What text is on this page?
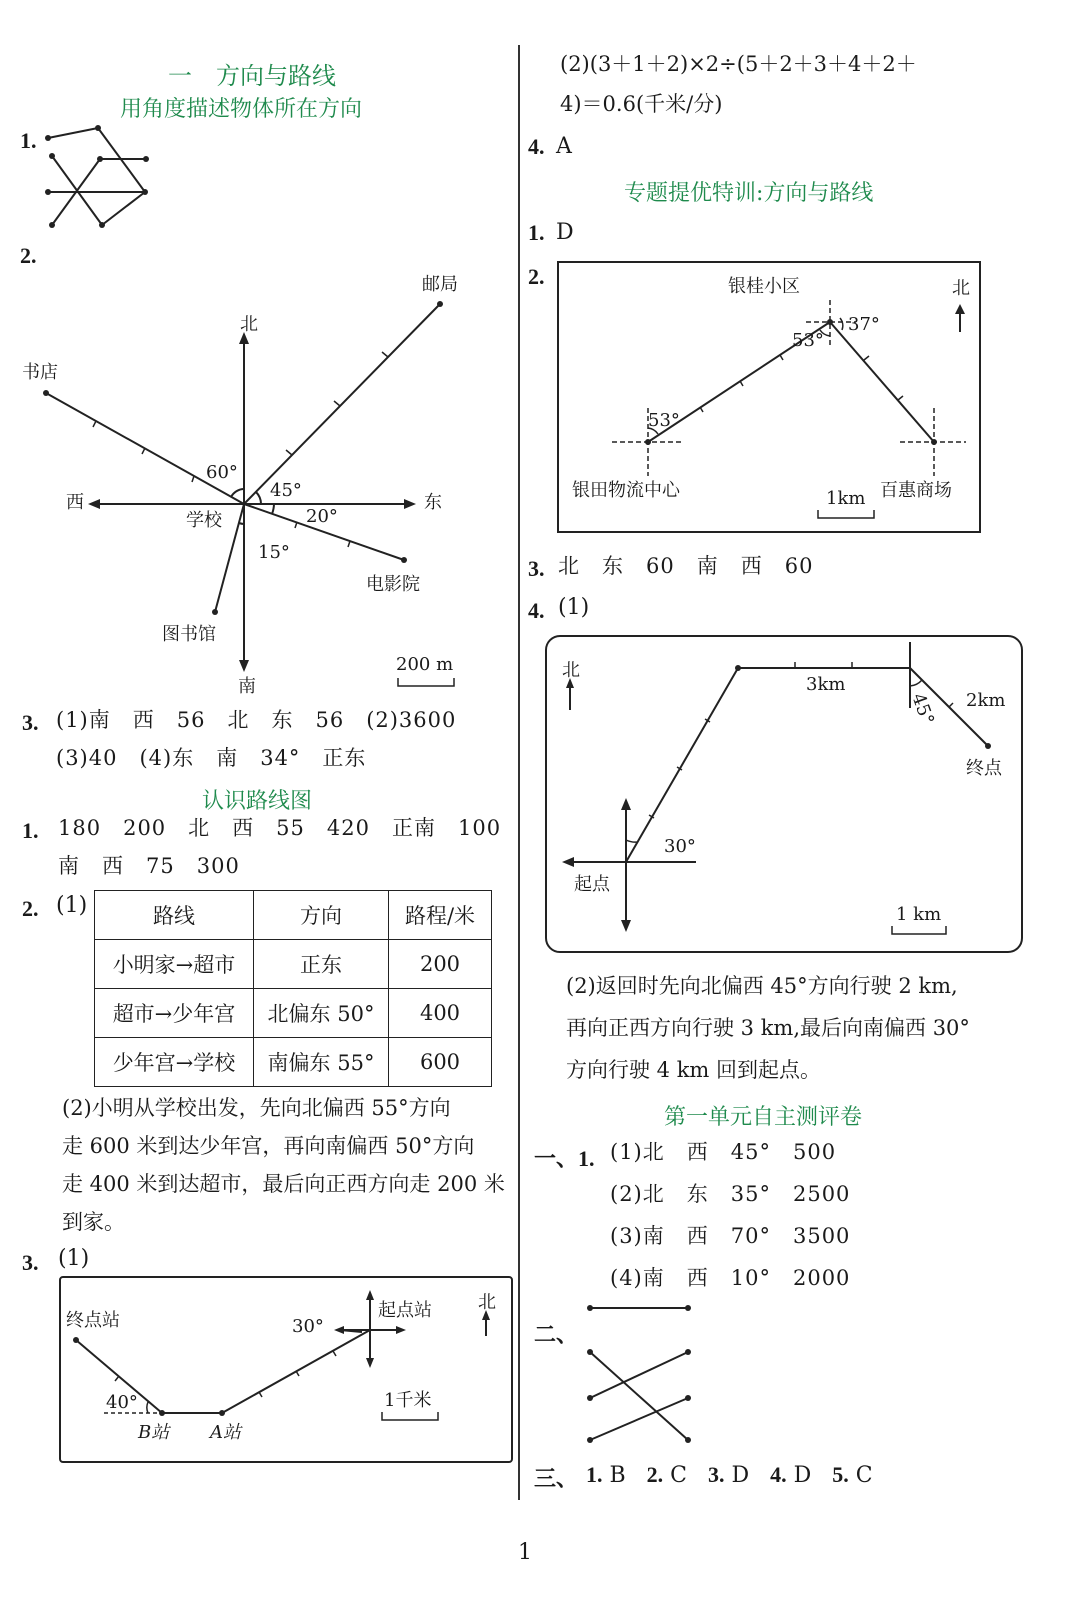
一　方向与路线
用角度描述物体所在方向
1.
2.
北
南
东
西
学校
邮局
书店
电影院
图书馆
60°
45°
20°
15°
200 m
3. (1)南　西　56　北　东　56　(2)3600
(3)40　(4)东　南　34°　正东
认识路线图
1. 180　200　北　西　55　420　正南　100
南　西　75　300
2. (1)	路线	方向	路程/米
小明家→超市	正东	200
超市→少年宫	北偏东 50°	400
少年宫→学校	南偏东 55°	600
(2)小明从学校出发，先向北偏西 55°方向
走 600 米到达少年宫，再向南偏西 50°方向
走 400 米到达超市，最后向正西方向走 200 米
到家。
3. (1)
终点站	起点站	北
30°
40°
B站 A站
1千米
(2)(3＋1＋2)×2÷(5＋2＋3＋4＋2＋
4)＝0.6(千米/分)
4. A
专题提优特训:方向与路线
1. D
2.	银桂小区	北
37°
53°
53°
银田物流中心	百惠商场
1km
3. 北　东　60　南　西　60
4. (1)
北
3km
2km
45°
终点
30°
起点
1 km
(2)返回时先向北偏西 45°方向行驶 2 km,
再向正西方向行驶 3 km,最后向南偏西 30°
方向行驶 4 km 回到起点。
第一单元自主测评卷
一、1. (1)北　西　45°　500
(2)北　东　35°　2500
(3)南　西　70°　3500
(4)南　西　10°　2000
二、
三、 1. B 2. C 3. D 4. D 5. C
1
